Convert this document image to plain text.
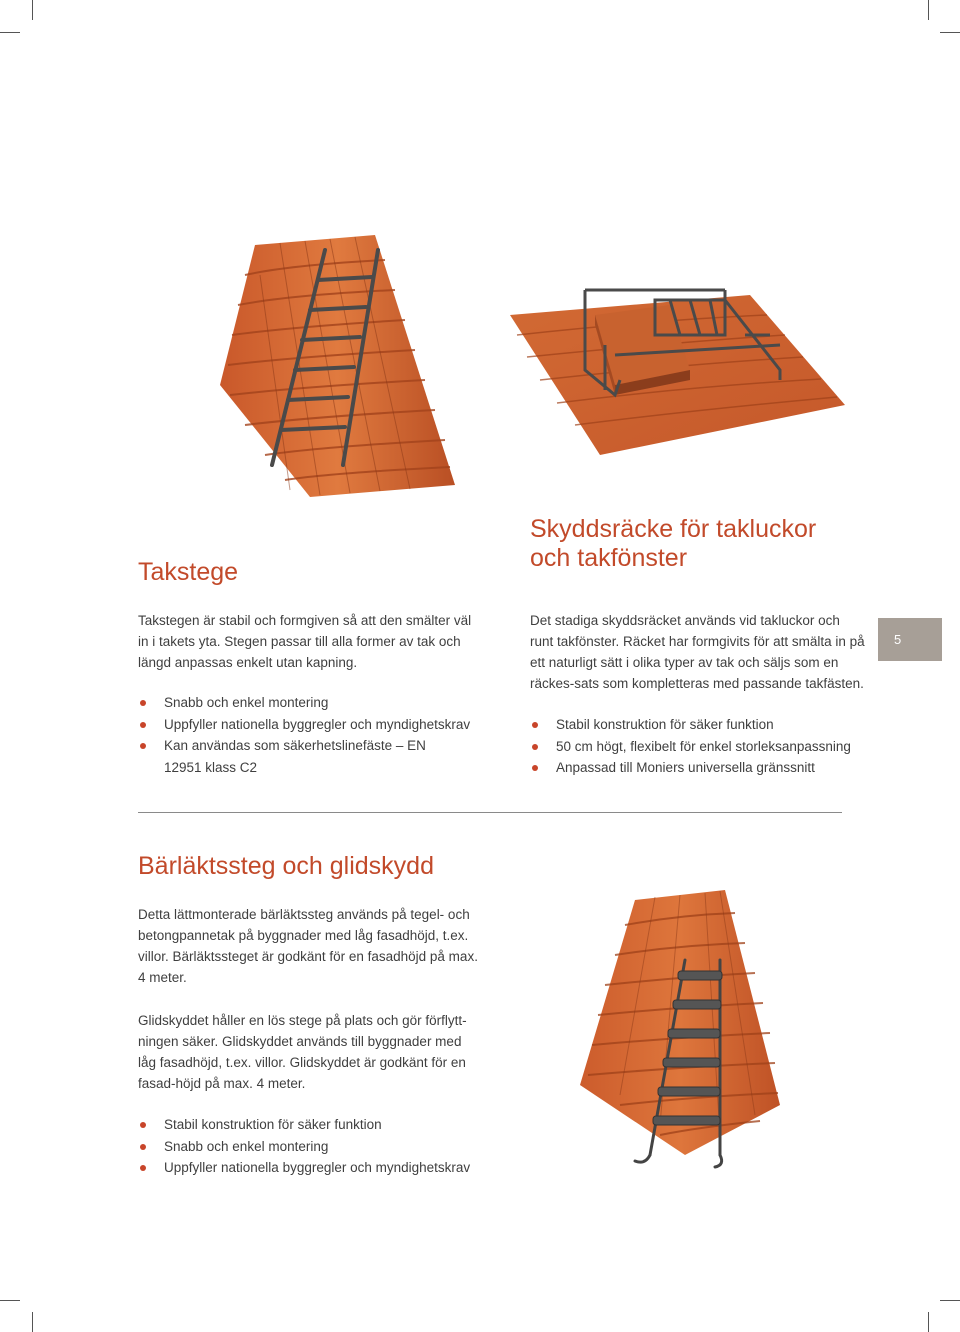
Takstege

Takstegen är stabil och formgiven så att den smälter väl in i takets yta. Stegen passar till alla former av tak och längd anpassas enkelt utan kapning.

Snabb och enkel montering
Uppfyller nationella byggregler och myndighetskrav
Kan användas som säkerhetslinefäste – EN 12951 klass C2
Skyddsräcke för takluckor
och takfönster

Det stadiga skyddsräcket används vid takluckor och runt takfönster. Räcket har formgivits för att smälta in på ett naturligt sätt i olika typer av tak och säljs som en räckes-sats som kompletteras med passande takfästen.

Stabil konstruktion för säker funktion
50 cm högt, flexibelt för enkel storleksanpassning
Anpassad till Moniers universella gränssnitt
5
Bärläktssteg och glidskydd

Detta lättmonterade bärläktssteg används på tegel- och betongpannetak på byggnader med låg fasadhöjd, t.ex. villor. Bärläktssteget är godkänt för en fasadhöjd på max. 4 meter.

Glidskyddet håller en lös stege på plats och gör förflytt-ningen säker. Glidskyddet används till byggnader med låg fasadhöjd, t.ex. villor. Glidskyddet är godkänt för en fasad-höjd på max. 4 meter.

Stabil konstruktion för säker funktion
Snabb och enkel montering
Uppfyller nationella byggregler och myndighetskrav
